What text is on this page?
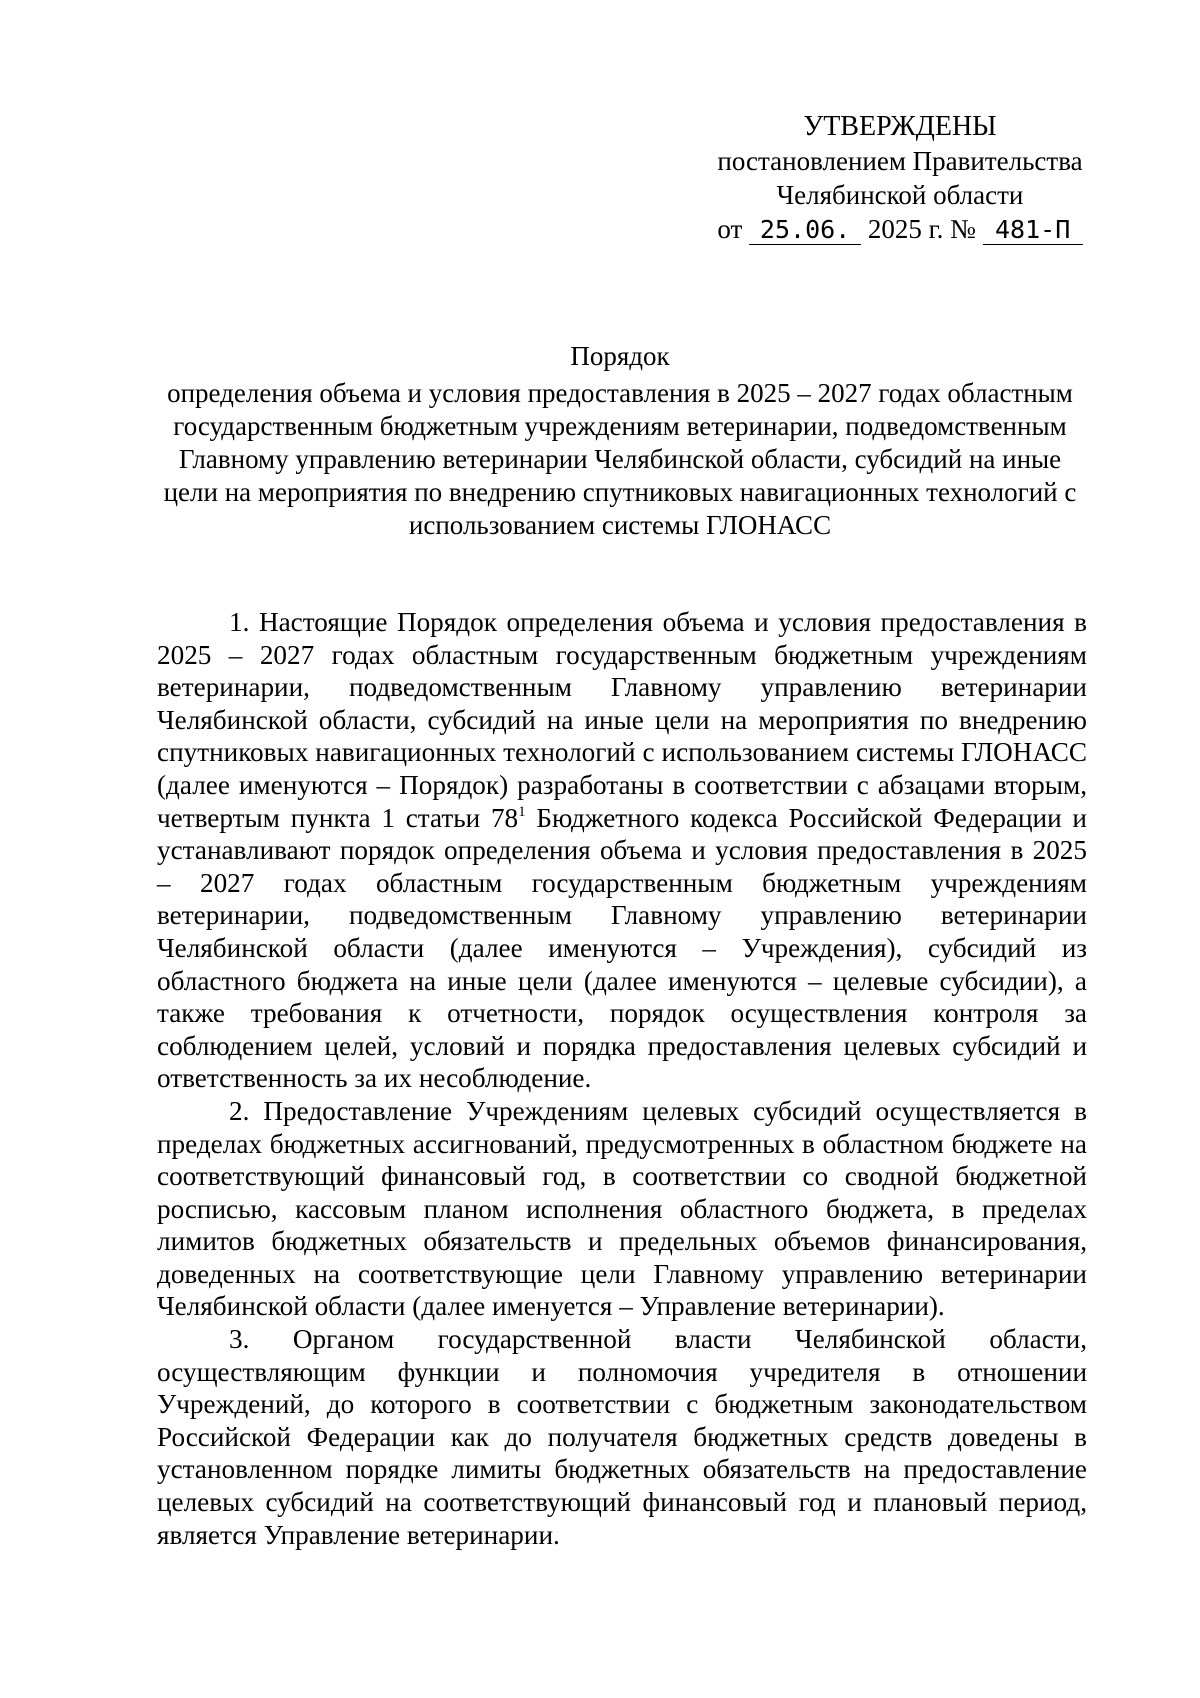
УТВЕРЖДЕНЫ
постановлением Правительства
Челябинской области
от 25.06. 2025 г. № 481-П
Порядок
определения объема и условия предоставления в 2025 – 2027 годах областным государственным бюджетным учреждениям ветеринарии, подведомственным Главному управлению ветеринарии Челябинской области, субсидий на иные цели на мероприятия по внедрению спутниковых навигационных технологий с использованием системы ГЛОНАСС

1. Настоящие Порядок определения объема и условия предоставления в 2025 – 2027 годах областным государственным бюджетным учреждениям ветеринарии, подведомственным Главному управлению ветеринарии Челябинской области, субсидий на иные цели на мероприятия по внедрению спутниковых навигационных технологий с использованием системы ГЛОНАСС (далее именуются – Порядок) разработаны в соответствии с абзацами вторым, четвертым пункта 1 статьи $78^1$ Бюджетного кодекса Российской Федерации и устанавливают порядок определения объема и условия предоставления в 2025 – 2027 годах областным государственным бюджетным учреждениям ветеринарии, подведомственным Главному управлению ветеринарии Челябинской области (далее именуются – Учреждения), субсидий из областного бюджета на иные цели (далее именуются – целевые субсидии), а также требования к отчетности, порядок осуществления контроля за соблюдением целей, условий и порядка предоставления целевых субсидий и ответственность за их несоблюдение.

2. Предоставление Учреждениям целевых субсидий осуществляется в пределах бюджетных ассигнований, предусмотренных в областном бюджете на соответствующий финансовый год, в соответствии со сводной бюджетной росписью, кассовым планом исполнения областного бюджета, в пределах лимитов бюджетных обязательств и предельных объемов финансирования, доведенных на соответствующие цели Главному управлению ветеринарии Челябинской области (далее именуется – Управление ветеринарии).

3. Органом государственной власти Челябинской области, осуществляющим функции и полномочия учредителя в отношении Учреждений, до которого в соответствии с бюджетным законодательством Российской Федерации как до получателя бюджетных средств доведены в установленном порядке лимиты бюджетных обязательств на предоставление целевых субсидий на соответствующий финансовый год и плановый период, является Управление ветеринарии.
